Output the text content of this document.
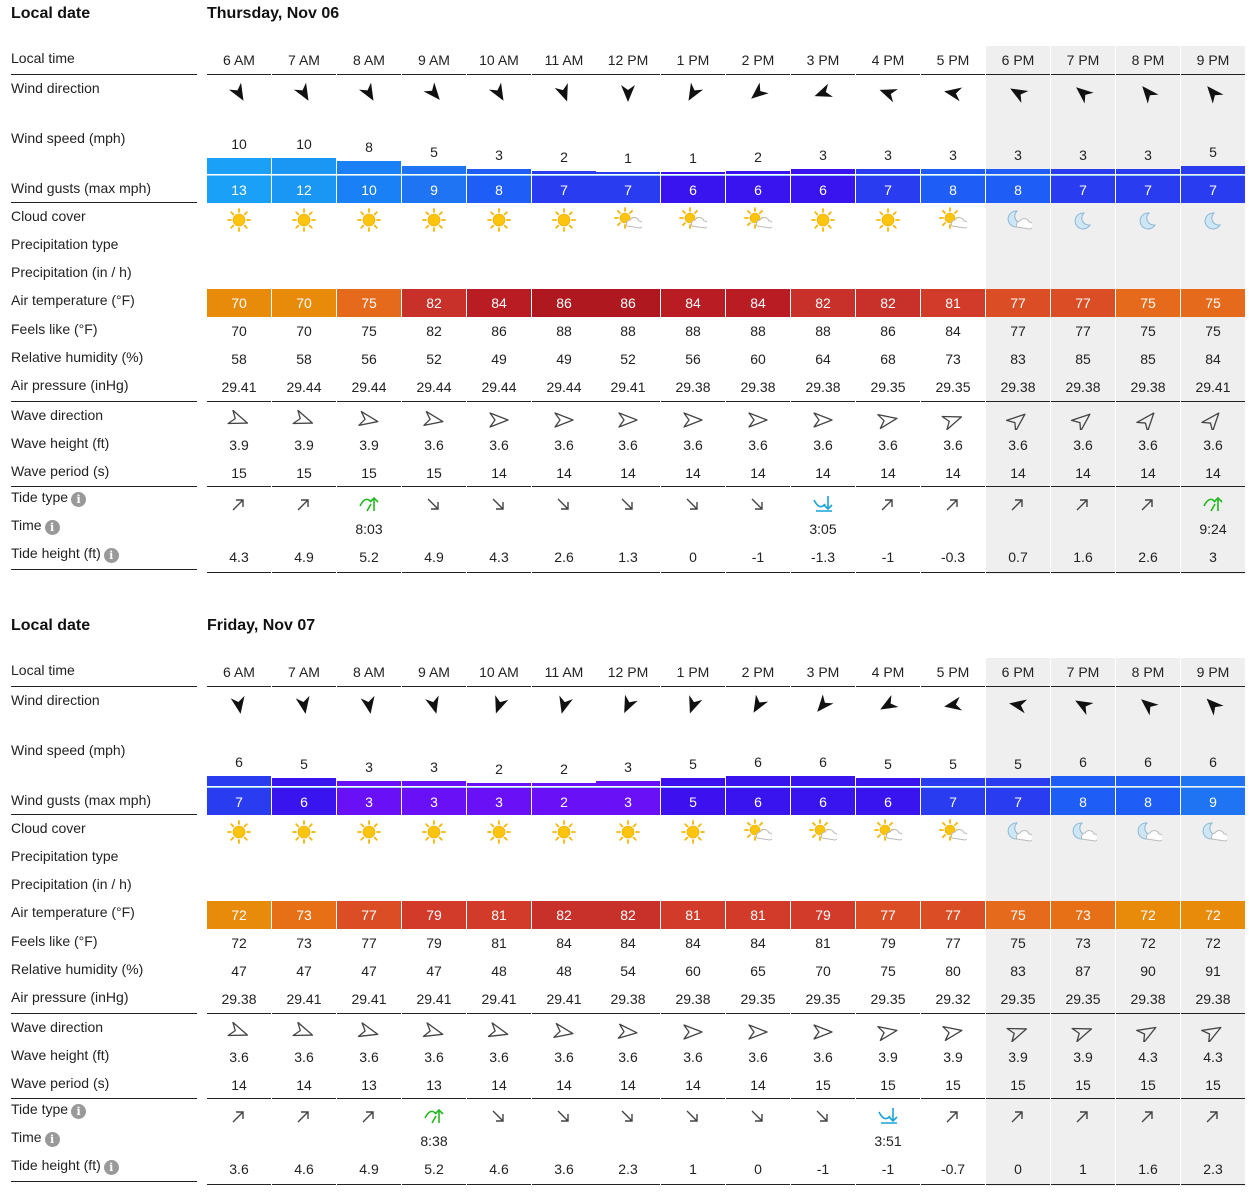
Local date	Thursday, Nov 06
Local time
Wind direction
Wind speed (mph)
Wind gusts (max mph)
Cloud cover
Precipitation type
Precipitation (in / h)
Air temperature (°F)
Feels like (°F)
Relative humidity (%)
Air pressure (inHg)
Wave direction
Wave height (ft)
Wave period (s)
Tide type i
Time i
Tide height (ft) i
6 AM
10
13
70
70
58
29.41
3.9
15
4.3
7 AM
10
12
70
70
58
29.44
3.9
15
4.9
8 AM
8
10
75
75
56
29.44
3.9
15
8:03
5.2
9 AM
5
9
82
82
52
29.44
3.6
15
4.9
10 AM
3
8
84
86
49
29.44
3.6
14
4.3
11 AM
2
7
86
88
49
29.44
3.6
14
2.6
12 PM
1
7
86
88
52
29.41
3.6
14
1.3
1 PM
1
6
84
88
56
29.38
3.6
14
0
2 PM
2
6
84
88
60
29.38
3.6
14
-1
3 PM
3
6
82
88
64
29.38
3.6
14
3:05
-1.3
4 PM
3
7
82
86
68
29.35
3.6
14
-1
5 PM
3
8
81
84
73
29.35
3.6
14
-0.3
6 PM
3
8
77
77
83
29.38
3.6
14
0.7
7 PM
3
7
77
77
85
29.38
3.6
14
1.6
8 PM
3
7
75
75
85
29.38
3.6
14
2.6
9 PM
5
7
75
75
84
29.41
3.6
14
9:24
3
Local date	Friday, Nov 07
Local time
Wind direction
Wind speed (mph)
Wind gusts (max mph)
Cloud cover
Precipitation type
Precipitation (in / h)
Air temperature (°F)
Feels like (°F)
Relative humidity (%)
Air pressure (inHg)
Wave direction
Wave height (ft)
Wave period (s)
Tide type i
Time i
Tide height (ft) i
6 AM
6
7
72
72
47
29.38
3.6
14
3.6
7 AM
5
6
73
73
47
29.41
3.6
14
4.6
8 AM
3
3
77
77
47
29.41
3.6
13
4.9
9 AM
3
3
79
79
47
29.41
3.6
13
8:38
5.2
10 AM
2
3
81
81
48
29.41
3.6
14
4.6
11 AM
2
2
82
84
48
29.41
3.6
14
3.6
12 PM
3
3
82
84
54
29.38
3.6
14
2.3
1 PM
5
5
81
84
60
29.38
3.6
14
1
2 PM
6
6
81
84
65
29.35
3.6
14
0
3 PM
6
6
79
81
70
29.35
3.6
15
-1
4 PM
5
6
77
79
75
29.35
3.9
15
3:51
-1
5 PM
5
7
77
77
80
29.32
3.9
15
-0.7
6 PM
5
7
75
75
83
29.35
3.9
15
0
7 PM
6
8
73
73
87
29.35
3.9
15
1
8 PM
6
8
72
72
90
29.38
4.3
15
1.6
9 PM
6
9
72
72
91
29.38
4.3
15
2.3
